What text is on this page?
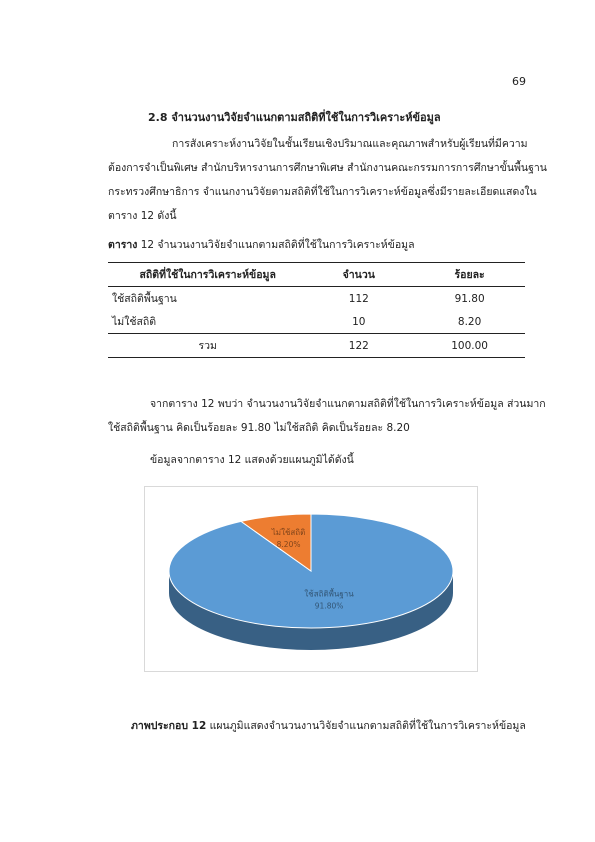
69
2.8 จำนวนงานวิจัยจำแนกตามสถิติที่ใช้ในการวิเคราะห์ข้อมูล
การสังเคราะห์งานวิจัยในชั้นเรียนเชิงปริมาณและคุณภาพสำหรับผู้เรียนที่มีความ
ต้องการจำเป็นพิเศษ สำนักบริหารงานการศึกษาพิเศษ สำนักงานคณะกรรมการการศึกษาขั้นพื้นฐาน
กระทรวงศึกษาธิการ จำแนกงานวิจัยตามสถิติที่ใช้ในการวิเคราะห์ข้อมูลซึ่งมีรายละเอียดแสดงใน
ตาราง 12 ดังนี้
ตาราง 12 จำนวนงานวิจัยจำแนกตามสถิติที่ใช้ในการวิเคราะห์ข้อมูล
สถิติที่ใช้ในการวิเคราะห์ข้อมูล	จำนวน	ร้อยละ
ใช้สถิติพื้นฐาน	112	91.80
ไม่ใช้สถิติ	10	8.20
รวม	122	100.00
จากตาราง 12 พบว่า จำนวนงานวิจัยจำแนกตามสถิติที่ใช้ในการวิเคราะห์ข้อมูล ส่วนมาก
ใช้สถิติพื้นฐาน คิดเป็นร้อยละ 91.80 ไม่ใช้สถิติ คิดเป็นร้อยละ 8.20
ข้อมูลจากตาราง 12 แสดงด้วยแผนภูมิได้ดังนี้
ใช้สถิติพื้นฐาน
91.80%
ไม่ใช้สถิติ
8.20%
ภาพประกอบ 12 แผนภูมิแสดงจำนวนงานวิจัยจำแนกตามสถิติที่ใช้ในการวิเคราะห์ข้อมูล
